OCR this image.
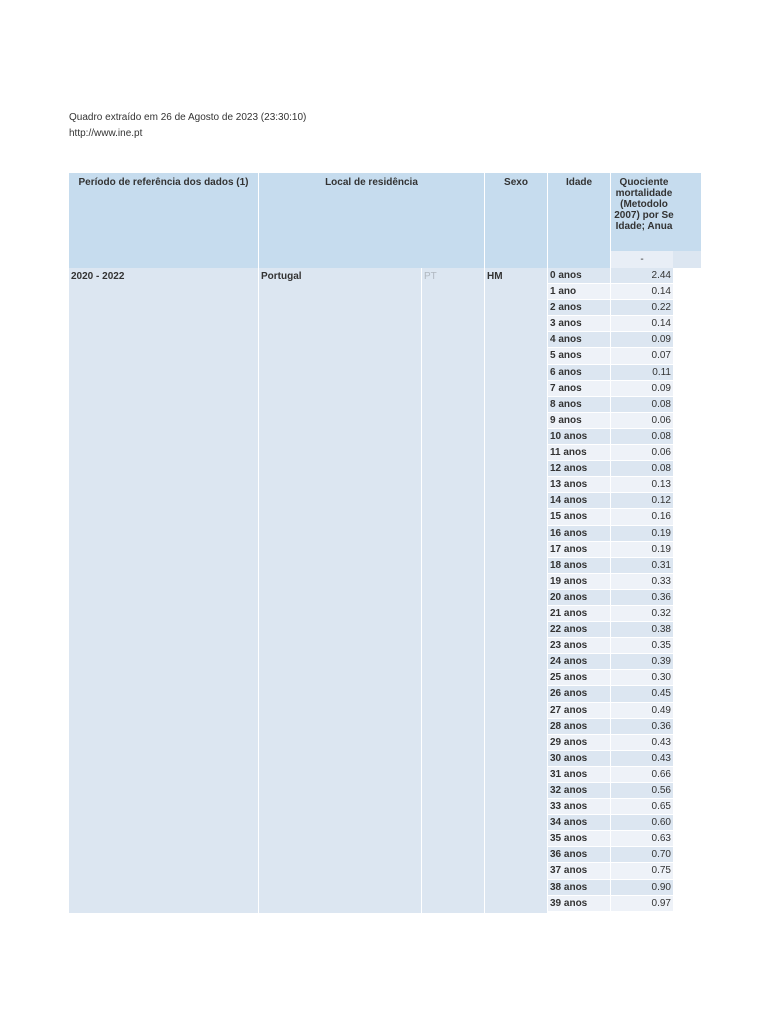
Quadro extraído em 26 de Agosto de 2023 (23:30:10)
http://www.ine.pt
Período de referência dos dados (1)	Local de residência	Sexo	Idade	Quociente
mortalidade
(Metodolo
2007) por Se
Idade; Anua
-
2020 - 2022	Portugal	PT	HM	0 anos	2.44
1 ano	0.14
2 anos	0.22
3 anos	0.14
4 anos	0.09
5 anos	0.07
6 anos	0.11
7 anos	0.09
8 anos	0.08
9 anos	0.06
10 anos	0.08
11 anos	0.06
12 anos	0.08
13 anos	0.13
14 anos	0.12
15 anos	0.16
16 anos	0.19
17 anos	0.19
18 anos	0.31
19 anos	0.33
20 anos	0.36
21 anos	0.32
22 anos	0.38
23 anos	0.35
24 anos	0.39
25 anos	0.30
26 anos	0.45
27 anos	0.49
28 anos	0.36
29 anos	0.43
30 anos	0.43
31 anos	0.66
32 anos	0.56
33 anos	0.65
34 anos	0.60
35 anos	0.63
36 anos	0.70
37 anos	0.75
38 anos	0.90
39 anos	0.97
